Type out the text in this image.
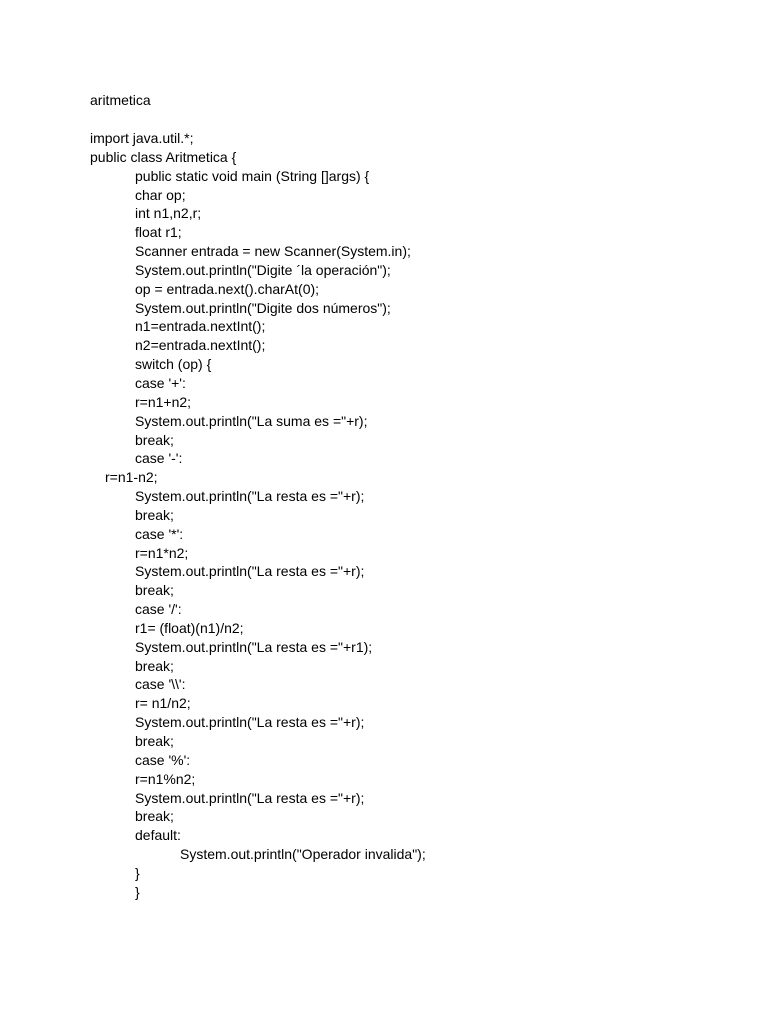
aritmetica
import java.util.*;
public class Aritmetica {
public static void main (String []args) {
char op;
int n1,n2,r;
float r1;
Scanner entrada = new Scanner(System.in);
System.out.println("Digite ´la operación");
op = entrada.next().charAt(0);
System.out.println("Digite dos números");
n1=entrada.nextInt();
n2=entrada.nextInt();
switch (op) {
case '+':
r=n1+n2;
System.out.println("La suma es ="+r);
break;
case '-':
r=n1-n2;
System.out.println("La resta es ="+r);
break;
case '*':
r=n1*n2;
System.out.println("La resta es ="+r);
break;
case '/':
r1= (float)(n1)/n2;
System.out.println("La resta es ="+r1);
break;
case '\\':
r= n1/n2;
System.out.println("La resta es ="+r);
break;
case '%':
r=n1%n2;
System.out.println("La resta es ="+r);
break;
default:
System.out.println("Operador invalida");
}
}
